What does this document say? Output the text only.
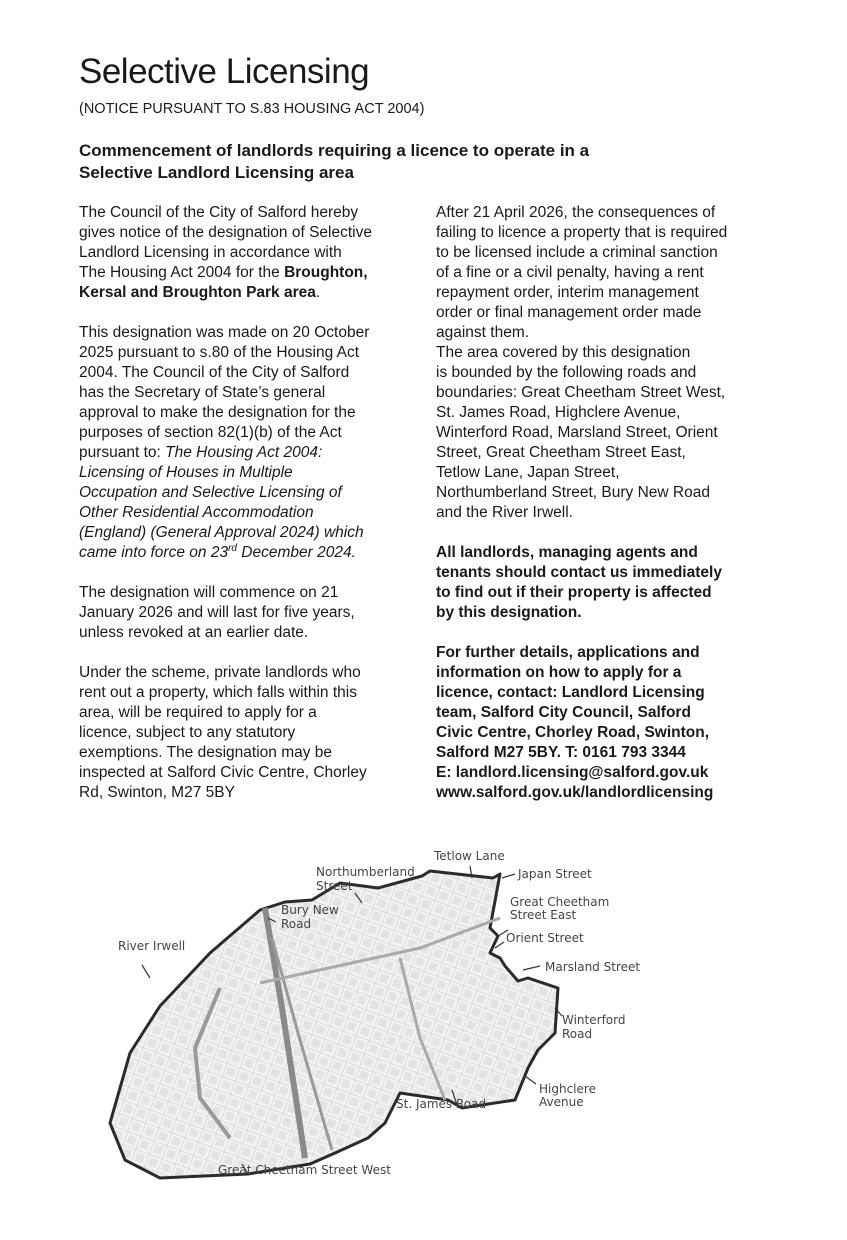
Selective Licensing

(NOTICE PURSUANT TO S.83 HOUSING ACT 2004)

Commencement of landlords requiring a licence to operate in a
Selective Landlord Licensing area

The Council of the City of Salford hereby
gives notice of the designation of Selective
Landlord Licensing in accordance with
The Housing Act 2004 for the Broughton,
Kersal and Broughton Park area.

This designation was made on 20 October
2025 pursuant to s.80 of the Housing Act
2004. The Council of the City of Salford
has the Secretary of State’s general
approval to make the designation for the
purposes of section 82(1)(b) of the Act
pursuant to: The Housing Act 2004:
Licensing of Houses in Multiple
Occupation and Selective Licensing of
Other Residential Accommodation
(England) (General Approval 2024) which
came into force on 23rd December 2024.

The designation will commence on 21
January 2026 and will last for five years,
unless revoked at an earlier date.

Under the scheme, private landlords who
rent out a property, which falls within this
area, will be required to apply for a
licence, subject to any statutory
exemptions. The designation may be
inspected at Salford Civic Centre, Chorley
Rd, Swinton, M27 5BY

After 21 April 2026, the consequences of
failing to licence a property that is required
to be licensed include a criminal sanction
of a fine or a civil penalty, having a rent
repayment order, interim management
order or final management order made
against them.

The area covered by this designation
is bounded by the following roads and
boundaries: Great Cheetham Street West,
St. James Road, Highclere Avenue,
Winterford Road, Marsland Street, Orient
Street, Great Cheetham Street East,
Tetlow Lane, Japan Street,
Northumberland Street, Bury New Road
and the River Irwell.

All landlords, managing agents and
tenants should contact us immediately
to find out if their property is affected
by this designation.

For further details, applications and
information on how to apply for a
licence, contact: Landlord Licensing
team, Salford City Council, Salford
Civic Centre, Chorley Road, Swinton,
Salford M27 5BY. T: 0161 793 3344
E: landlord.licensing@salford.gov.uk
www.salford.gov.uk/landlordlicensing

Tetlow Lane
Northumberland
Street
Japan Street
Great Cheetham
Street East
Bury New
Road
Orient Street
River Irwell
Marsland Street
Winterford
Road
Highclere
Avenue
St. James Road
Great Cheetham Street West
